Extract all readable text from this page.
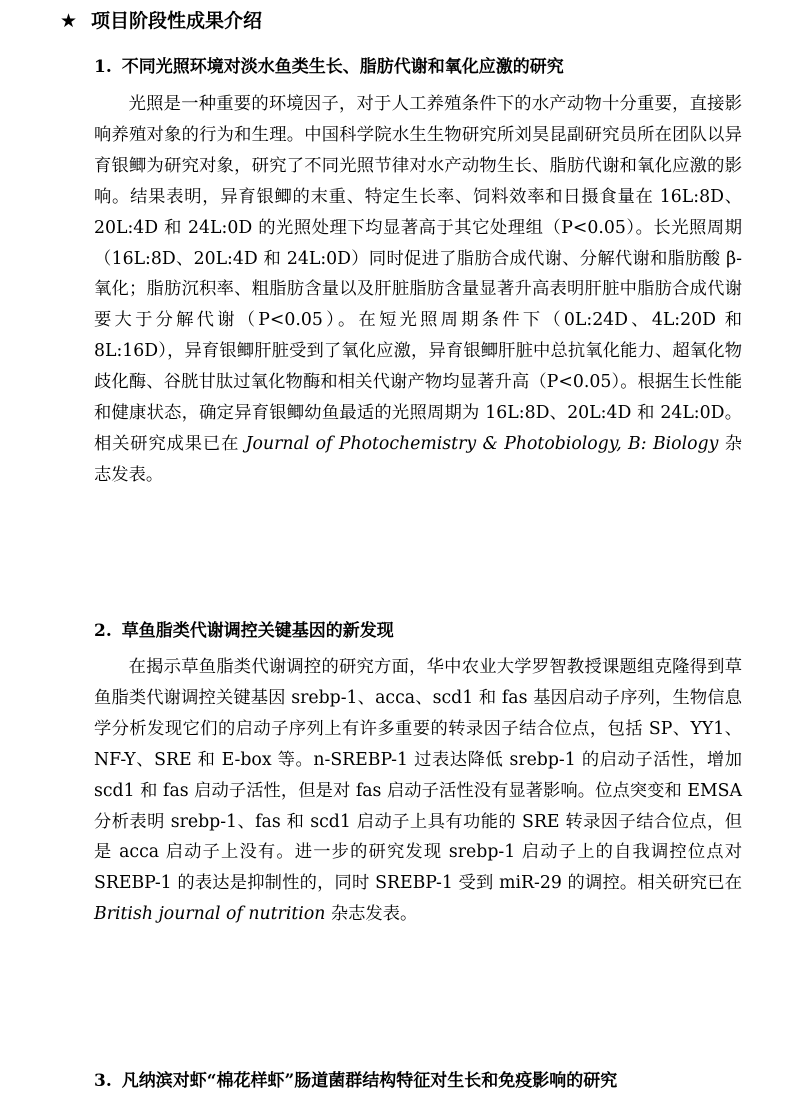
★ 项目阶段性成果介绍
1. 不同光照环境对淡水鱼类生长、脂肪代谢和氧化应激的研究

光照是一种重要的环境因子，对于人工养殖条件下的水产动物十分重要，直接影响养殖对象的行为和生理。中国科学院水生生物研究所刘昊昆副研究员所在团队以异育银鲫为研究对象，研究了不同光照节律对水产动物生长、脂肪代谢和氧化应激的影响。结果表明，异育银鲫的末重、特定生长率、饲料效率和日摄食量在 16L:8D、20L:4D 和 24L:0D 的光照处理下均显著高于其它处理组（P<0.05）。长光照周期（16L:8D、20L:4D 和 24L:0D）同时促进了脂肪合成代谢、分解代谢和脂肪酸 β-氧化；脂肪沉积率、粗脂肪含量以及肝脏脂肪含量显著升高表明肝脏中脂肪合成代谢要大于分解代谢（P<0.05）。在短光照周期条件下（0L:24D、4L:20D 和 8L:16D），异育银鲫肝脏受到了氧化应激，异育银鲫肝脏中总抗氧化能力、超氧化物歧化酶、谷胱甘肽过氧化物酶和相关代谢产物均显著升高（P<0.05）。根据生长性能和健康状态，确定异育银鲫幼鱼最适的光照周期为 16L:8D、20L:4D 和 24L:0D。相关研究成果已在 Journal of Photochemistry & Photobiology, B: Biology 杂志发表。

2. 草鱼脂类代谢调控关键基因的新发现

在揭示草鱼脂类代谢调控的研究方面，华中农业大学罗智教授课题组克隆得到草鱼脂类代谢调控关键基因 srebp-1、acca、scd1 和 fas 基因启动子序列，生物信息学分析发现它们的启动子序列上有许多重要的转录因子结合位点，包括 SP、YY1、NF-Y、SRE 和 E-box 等。n-SREBP-1 过表达降低 srebp-1 的启动子活性，增加 scd1 和 fas 启动子活性，但是对 fas 启动子活性没有显著影响。位点突变和 EMSA 分析表明 srebp-1、fas 和 scd1 启动子上具有功能的 SRE 转录因子结合位点，但是 acca 启动子上没有。进一步的研究发现 srebp-1 启动子上的自我调控位点对 SREBP-1 的表达是抑制性的，同时 SREBP-1 受到 miR-29 的调控。相关研究已在 British journal of nutrition 杂志发表。

3. 凡纳滨对虾“棉花样虾”肠道菌群结构特征对生长和免疫影响的研究
